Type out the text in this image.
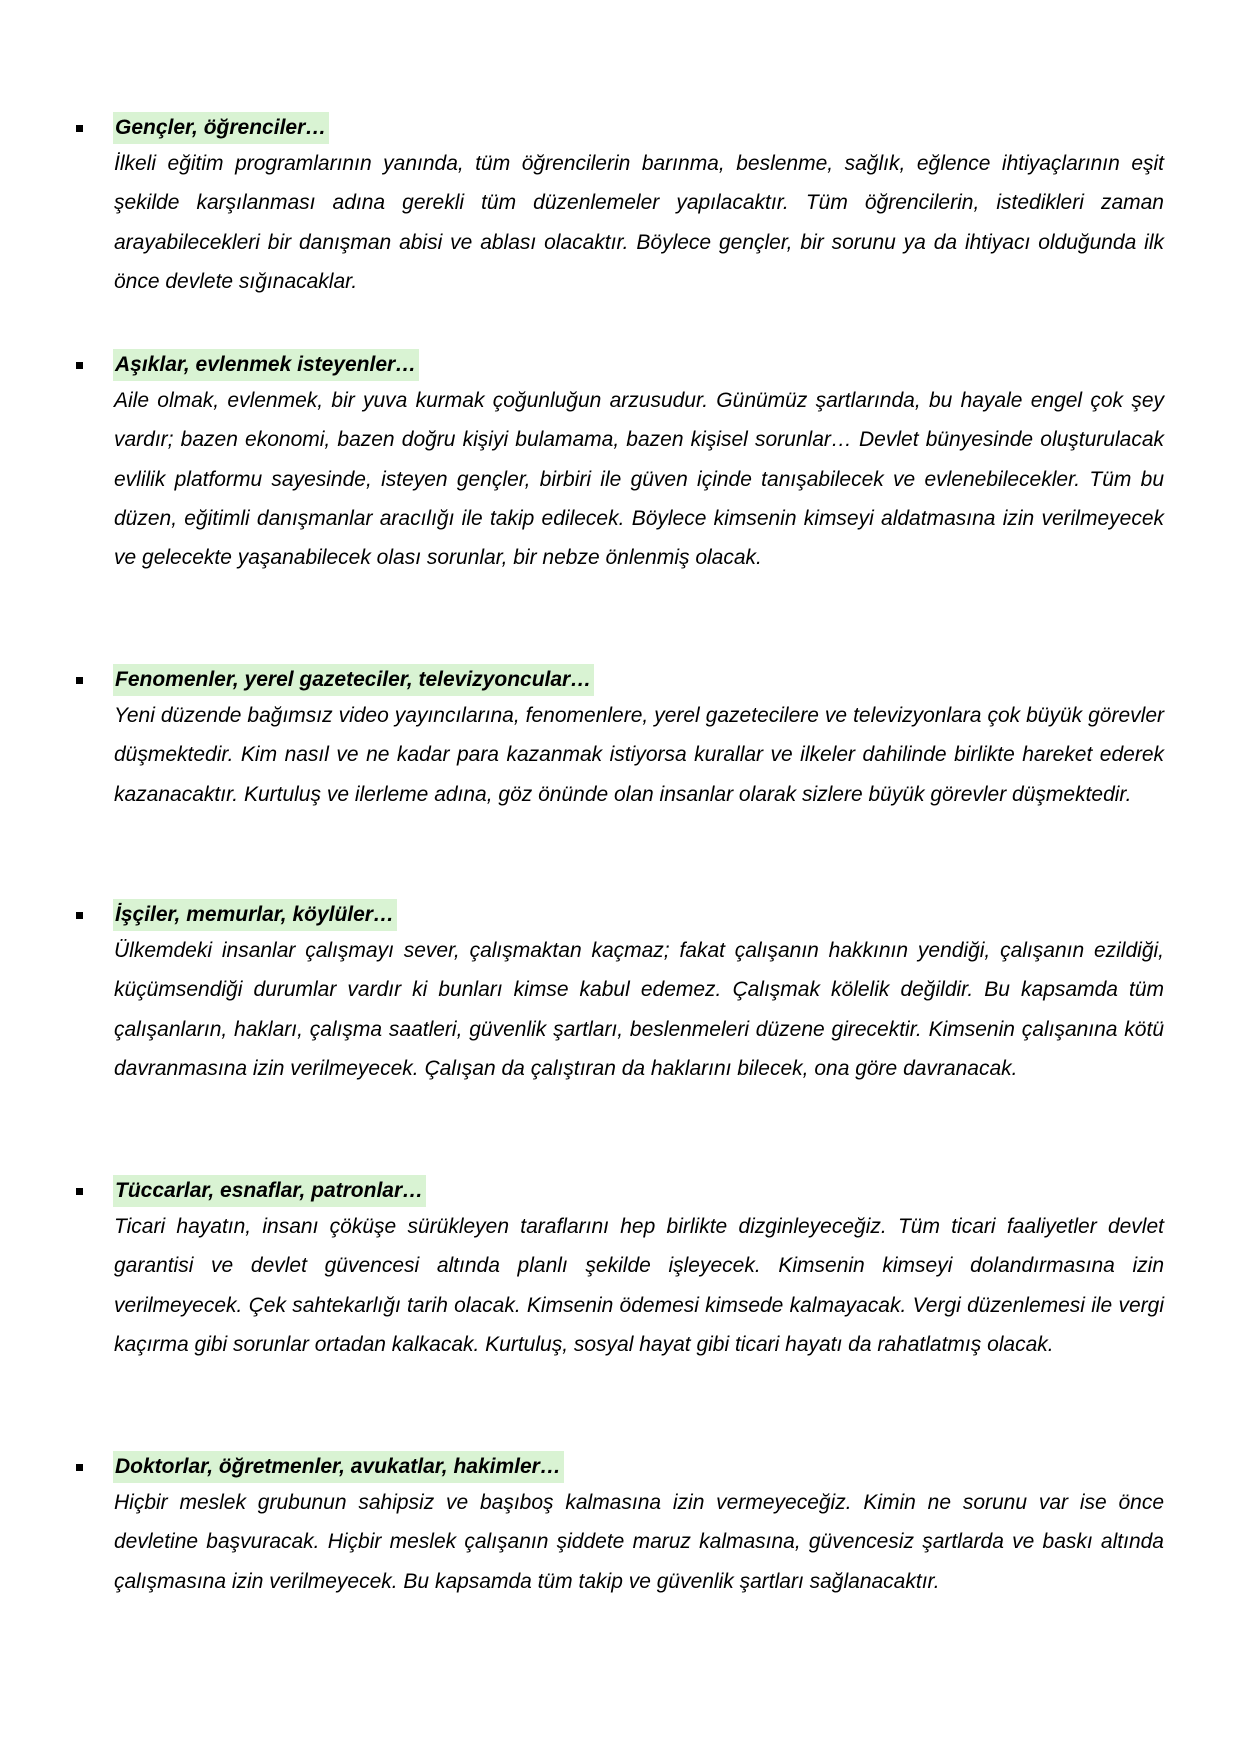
Gençler, öğrenciler…

İlkeli eğitim programlarının yanında, tüm öğrencilerin barınma, beslenme, sağlık, eğlence ihtiyaçlarının eşit şekilde karşılanması adına gerekli tüm düzenlemeler yapılacaktır. Tüm öğrencilerin, istedikleri zaman arayabilecekleri bir danışman abisi ve ablası olacaktır. Böylece gençler, bir sorunu ya da ihtiyacı olduğunda ilk önce devlete sığınacaklar.

Aşıklar, evlenmek isteyenler…

Aile olmak, evlenmek, bir yuva kurmak çoğunluğun arzusudur. Günümüz şartlarında, bu hayale engel çok şey vardır; bazen ekonomi, bazen doğru kişiyi bulamama, bazen kişisel sorunlar… Devlet bünyesinde oluşturulacak evlilik platformu sayesinde, isteyen gençler, birbiri ile güven içinde tanışabilecek ve evlenebilecekler. Tüm bu düzen, eğitimli danışmanlar aracılığı ile takip edilecek. Böylece kimsenin kimseyi aldatmasına izin verilmeyecek ve gelecekte yaşanabilecek olası sorunlar, bir nebze önlenmiş olacak.

Fenomenler, yerel gazeteciler, televizyoncular…

Yeni düzende bağımsız video yayıncılarına, fenomenlere, yerel gazetecilere ve televizyonlara çok büyük görevler düşmektedir. Kim nasıl ve ne kadar para kazanmak istiyorsa kurallar ve ilkeler dahilinde birlikte hareket ederek kazanacaktır. Kurtuluş ve ilerleme adına, göz önünde olan insanlar olarak sizlere büyük görevler düşmektedir.

İşçiler, memurlar, köylüler…

Ülkemdeki insanlar çalışmayı sever, çalışmaktan kaçmaz; fakat çalışanın hakkının yendiği, çalışanın ezildiği, küçümsendiği durumlar vardır ki bunları kimse kabul edemez. Çalışmak kölelik değildir. Bu kapsamda tüm çalışanların, hakları, çalışma saatleri, güvenlik şartları, beslenmeleri düzene girecektir. Kimsenin çalışanına kötü davranmasına izin verilmeyecek. Çalışan da çalıştıran da haklarını bilecek, ona göre davranacak.

Tüccarlar, esnaflar, patronlar…

Ticari hayatın, insanı çöküşe sürükleyen taraflarını hep birlikte dizginleyeceğiz. Tüm ticari faaliyetler devlet garantisi ve devlet güvencesi altında planlı şekilde işleyecek. Kimsenin kimseyi dolandırmasına izin verilmeyecek. Çek sahtekarlığı tarih olacak. Kimsenin ödemesi kimsede kalmayacak. Vergi düzenlemesi ile vergi kaçırma gibi sorunlar ortadan kalkacak. Kurtuluş, sosyal hayat gibi ticari hayatı da rahatlatmış olacak.

Doktorlar, öğretmenler, avukatlar, hakimler…

Hiçbir meslek grubunun sahipsiz ve başıboş kalmasına izin vermeyeceğiz. Kimin ne sorunu var ise önce devletine başvuracak. Hiçbir meslek çalışanın şiddete maruz kalmasına, güvencesiz şartlarda ve baskı altında çalışmasına izin verilmeyecek. Bu kapsamda tüm takip ve güvenlik şartları sağlanacaktır.
